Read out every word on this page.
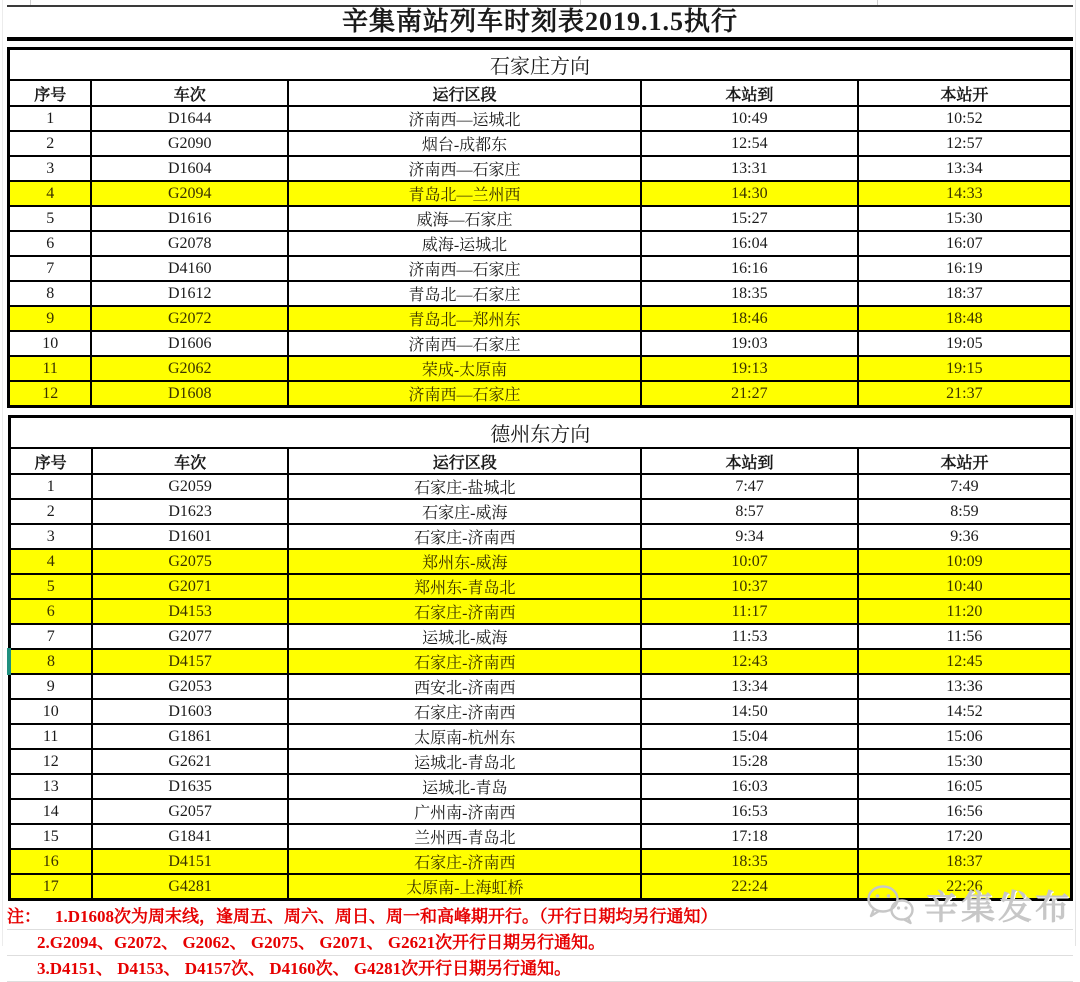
辛集南站列车时刻表2019.1.5执行
石家庄方向				
序号	车次	运行区段	本站到	本站开
1	D1644	济南西—运城北	10:49	10:52
2	G2090	烟台-成都东	12:54	12:57
3	D1604	济南西—石家庄	13:31	13:34
4	G2094	青岛北—兰州西	14:30	14:33
5	D1616	威海—石家庄	15:27	15:30
6	G2078	威海-运城北	16:04	16:07
7	D4160	济南西—石家庄	16:16	16:19
8	D1612	青岛北—石家庄	18:35	18:37
9	G2072	青岛北—郑州东	18:46	18:48
10	D1606	济南西—石家庄	19:03	19:05
11	G2062	荣成-太原南	19:13	19:15
12	D1608	济南西—石家庄	21:27	21:37
德州东方向				
序号	车次	运行区段	本站到	本站开
1	G2059	石家庄-盐城北	7:47	7:49
2	D1623	石家庄-威海	8:57	8:59
3	D1601	石家庄-济南西	9:34	9:36
4	G2075	郑州东-威海	10:07	10:09
5	G2071	郑州东-青岛北	10:37	10:40
6	D4153	石家庄-济南西	11:17	11:20
7	G2077	运城北-威海	11:53	11:56
8	D4157	石家庄-济南西	12:43	12:45
9	G2053	西安北-济南西	13:34	13:36
10	D1603	石家庄-济南西	14:50	14:52
11	G1861	太原南-杭州东	15:04	15:06
12	G2621	运城北-青岛北	15:28	15:30
13	D1635	运城北-青岛	16:03	16:05
14	G2057	广州南-济南西	16:53	16:56
15	G1841	兰州西-青岛北	17:18	17:20
16	D4151	石家庄-济南西	18:35	18:37
17	G4281	太原南-上海虹桥	22:24	22:26
注： 1.D1608次为周末线，逢周五、周六、周日、周一和高峰期开行。（开行日期均另行通知）
2.G2094、G2072、 G2062、 G2075、 G2071、 G2621次开行日期另行通知。
3.D4151、 D4153、 D4157次、 D4160次、 G4281次开行日期另行通知。
辛集发布
